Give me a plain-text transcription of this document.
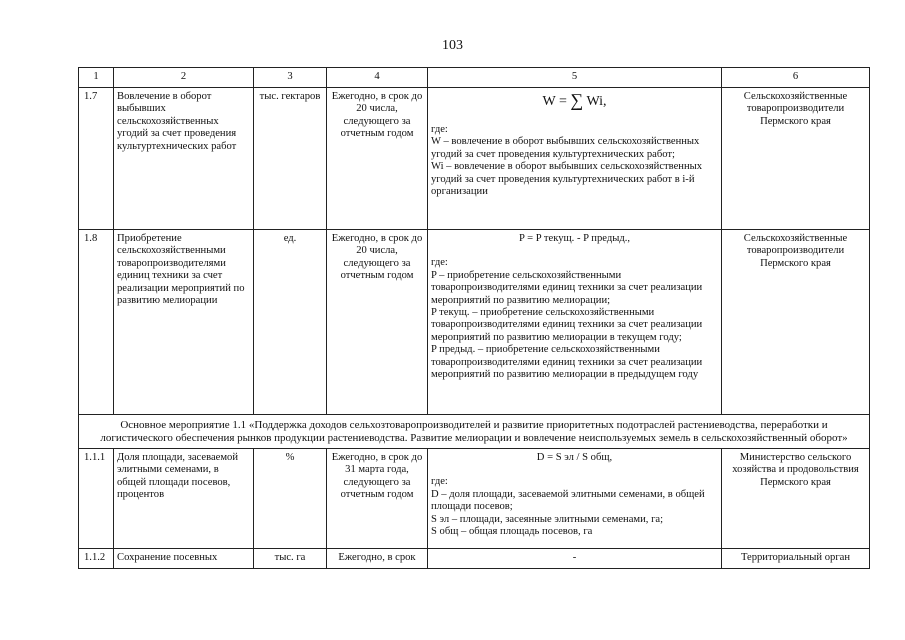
103
1	2	3	4	5	6
1.7	Вовлечение в оборот выбывших сельскохозяйственных угодий за счет проведения культуртехнических работ	тыс. гектаров	Ежегодно, в срок до 20 числа, следующего за отчетным годом	W = ∑ Wi,
где:
W – вовлечение в оборот выбывших сельскохозяйственных угодий за счет проведения культуртехнических работ;
Wi – вовлечение в оборот выбывших сельскохозяйственных угодий за счет проведения культуртехнических работ в i-й организации	Сельскохозяйственные товаропроизводители Пермского края
1.8	Приобретение сельскохозяйственными товаропроизводителями единиц техники за счет реализации мероприятий по развитию мелиорации	ед.	Ежегодно, в срок до 20 числа, следующего за отчетным годом	P = P текущ. - P предыд.,
где:
P – приобретение сельскохозяйственными товаропроизводителями единиц техники за счет реализации мероприятий по развитию мелиорации;
P текущ. – приобретение сельскохозяйственными товаропроизводителями единиц техники за счет реализации мероприятий по развитию мелиорации в текущем году;
P предыд. – приобретение сельскохозяйственными товаропроизводителями единиц техники за счет реализации мероприятий по развитию мелиорации в предыдущем году	Сельскохозяйственные товаропроизводители Пермского края
Основное мероприятие 1.1 «Поддержка доходов сельхозтоваропроизводителей и развитие приоритетных подотраслей растениеводства, переработки и логистического обеспечения рынков продукции растениеводства. Развитие мелиорации и вовлечение неиспользуемых земель в сельскохозяйственный оборот»					
1.1.1	Доля площади, засеваемой элитными семенами, в общей площади посевов, процентов	%	Ежегодно, в срок до 31 марта года, следующего за отчетным годом	D = S эл / S общ,
где:
D – доля площади, засеваемой элитными семенами, в общей площади посевов;
S эл – площади, засеянные элитными семенами, га;
S общ – общая площадь посевов, га	Министерство сельского хозяйства и продовольствия Пермского края
1.1.2	Сохранение посевных	тыс. га	Ежегодно, в срок	-	Территориальный орган
